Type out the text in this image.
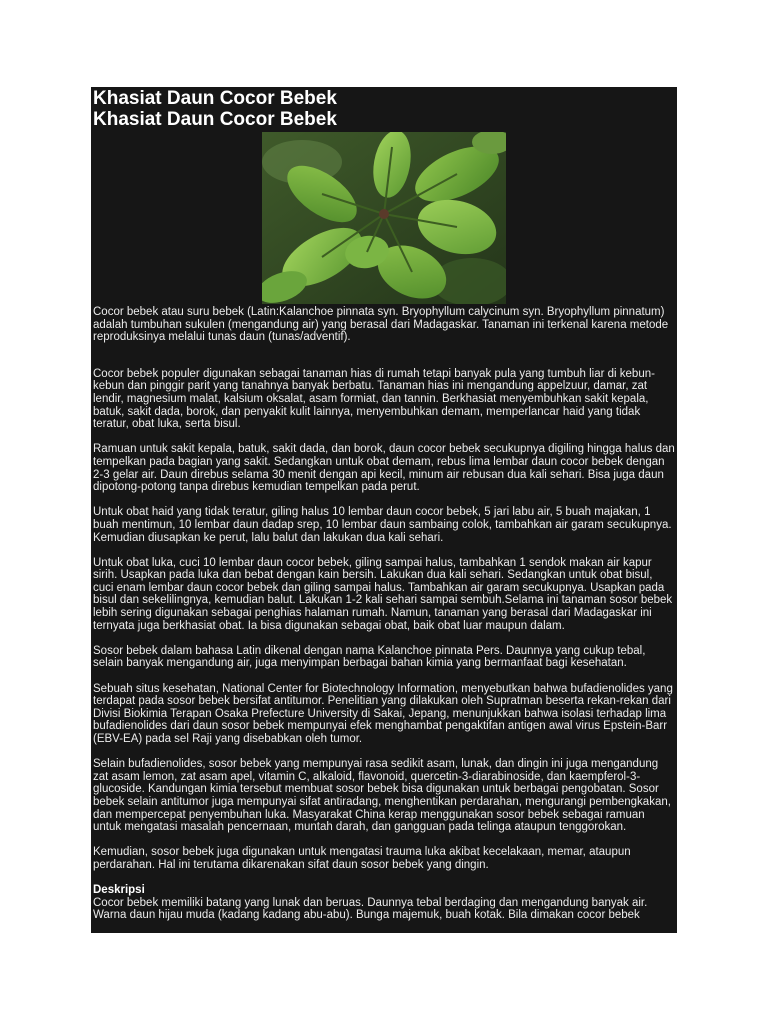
Khasiat Daun Cocor Bebek
Khasiat Daun Cocor Bebek

Cocor bebek atau suru bebek (Latin:Kalanchoe pinnata syn. Bryophyllum calycinum syn. Bryophyllum pinnatum) adalah tumbuhan sukulen (mengandung air) yang berasal dari Madagaskar. Tanaman ini terkenal karena metode reproduksinya melalui tunas daun (tunas/adventif).

Cocor bebek populer digunakan sebagai tanaman hias di rumah tetapi banyak pula yang tumbuh liar di kebun-kebun dan pinggir parit yang tanahnya banyak berbatu. Tanaman hias ini mengandung appelzuur, damar, zat lendir, magnesium malat, kalsium oksalat, asam formiat, dan tannin. Berkhasiat menyembuhkan sakit kepala, batuk, sakit dada, borok, dan penyakit kulit lainnya, menyembuhkan demam, memperlancar haid yang tidak teratur, obat luka, serta bisul.

Ramuan untuk sakit kepala, batuk, sakit dada, dan borok, daun cocor bebek secukupnya digiling hingga halus dan tempelkan pada bagian yang sakit. Sedangkan untuk obat demam, rebus lima lembar daun cocor bebek dengan 2-3 gelar air. Daun direbus selama 30 menit dengan api kecil, minum air rebusan dua kali sehari. Bisa juga daun dipotong-potong tanpa direbus kemudian tempelkan pada perut.

Untuk obat haid yang tidak teratur, giling halus 10 lembar daun cocor bebek, 5 jari labu air, 5 buah majakan, 1 buah mentimun, 10 lembar daun dadap srep, 10 lembar daun sambaing colok, tambahkan air garam secukupnya. Kemudian diusapkan ke perut, lalu balut dan lakukan dua kali sehari.

Untuk obat luka, cuci 10 lembar daun cocor bebek, giling sampai halus, tambahkan 1 sendok makan air kapur sirih. Usapkan pada luka dan bebat dengan kain bersih. Lakukan dua kali sehari. Sedangkan untuk obat bisul, cuci enam lembar daun cocor bebek dan giling sampai halus. Tambahkan air garam secukupnya. Usapkan pada bisul dan sekelilingnya, kemudian balut. Lakukan 1-2 kali sehari sampai sembuh.Selama ini tanaman sosor bebek lebih sering digunakan sebagai penghias halaman rumah. Namun, tanaman yang berasal dari Madagaskar ini ternyata juga berkhasiat obat. Ia bisa digunakan sebagai obat, baik obat luar maupun dalam.

Sosor bebek dalam bahasa Latin dikenal dengan nama Kalanchoe pinnata Pers. Daunnya yang cukup tebal, selain banyak mengandung air, juga menyimpan berbagai bahan kimia yang bermanfaat bagi kesehatan.

Sebuah situs kesehatan, National Center for Biotechnology Information, menyebutkan bahwa bufadienolides yang terdapat pada sosor bebek bersifat antitumor. Penelitian yang dilakukan oleh Supratman beserta rekan-rekan dari Divisi Biokimia Terapan Osaka Prefecture University di Sakai, Jepang, menunjukkan bahwa isolasi terhadap lima bufadienolides dari daun sosor bebek mempunyai efek menghambat pengaktifan antigen awal virus Epstein-Barr (EBV-EA) pada sel Raji yang disebabkan oleh tumor.

Selain bufadienolides, sosor bebek yang mempunyai rasa sedikit asam, lunak, dan dingin ini juga mengandung zat asam lemon, zat asam apel, vitamin C, alkaloid, flavonoid, quercetin-3-diarabinoside, dan kaempferol-3-glucoside. Kandungan kimia tersebut membuat sosor bebek bisa digunakan untuk berbagai pengobatan. Sosor bebek selain antitumor juga mempunyai sifat antiradang, menghentikan perdarahan, mengurangi pembengkakan, dan mempercepat penyembuhan luka. Masyarakat China kerap menggunakan sosor bebek sebagai ramuan untuk mengatasi masalah pencernaan, muntah darah, dan gangguan pada telinga ataupun tenggorokan.

Kemudian, sosor bebek juga digunakan untuk mengatasi trauma luka akibat kecelakaan, memar, ataupun perdarahan. Hal ini terutama dikarenakan sifat daun sosor bebek yang dingin.

Deskripsi

Cocor bebek memiliki batang yang lunak dan beruas. Daunnya tebal berdaging dan mengandung banyak air. Warna daun hijau muda (kadang kadang abu-abu). Bunga majemuk, buah kotak. Bila dimakan cocor bebek
